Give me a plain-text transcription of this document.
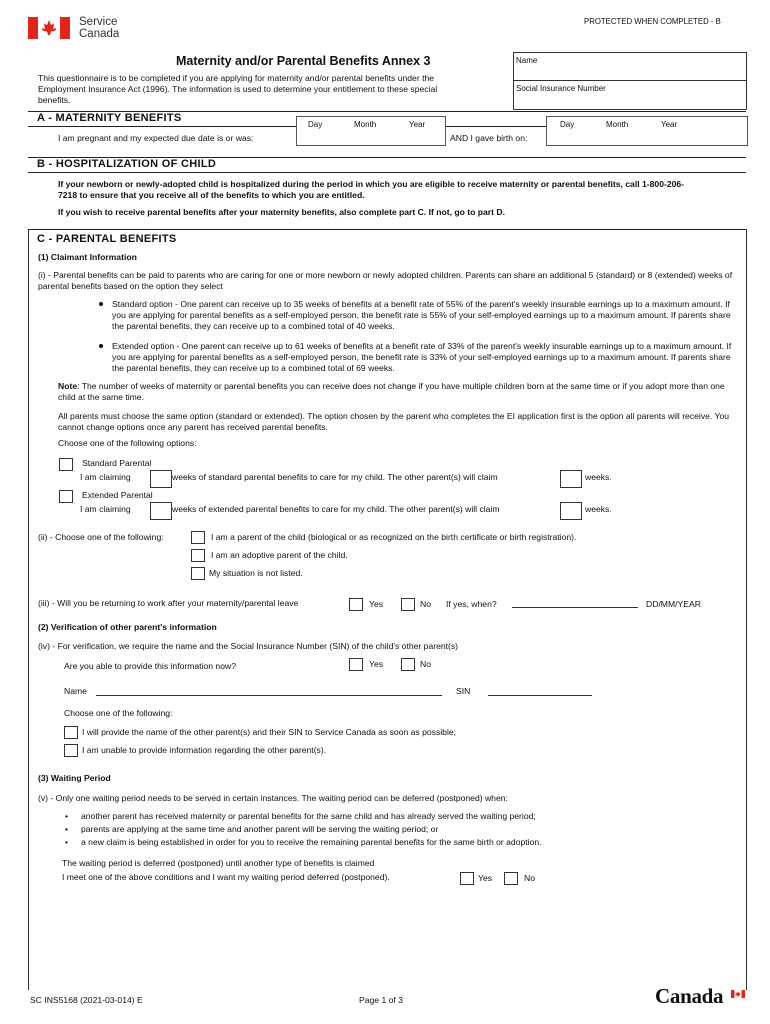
Service
Canada
PROTECTED WHEN COMPLETED - B
Maternity and/or Parental Benefits Annex 3
This questionnaire is to be completed if you are applying for maternity and/or parental benefits under the Employment Insurance Act (1996). The information is used to determine your entitlement to these special benefits.
Name
Social Insurance Number
A - MATERNITY BENEFITS
I am pregnant and my expected due date is or was:
Day	Month	Year
AND I gave birth on:
Day	Month	Year
B - HOSPITALIZATION OF CHILD
If your newborn or newly-adopted child is hospitalized during the period in which you are eligible to receive maternity or parental benefits, call 1-800-206-7218 to ensure that you receive all of the benefits to which you are entitled.
If you wish to receive parental benefits after your maternity benefits, also complete part C. If not, go to part D.
C - PARENTAL BENEFITS
(1) Claimant Information
(i) - Parental benefits can be paid to parents who are caring for one or more newborn or newly adopted children. Parents can share an additional 5 (standard) or 8 (extended) weeks of parental benefits based on the option they select
Standard option - One parent can receive up to 35 weeks of benefits at a benefit rate of 55% of the parent's weekly insurable earnings up to a maximum amount. If you are applying for parental benefits as a self-employed person, the benefit rate is 55% of your self-employed earnings up to a maximum amount. If parents share the parental benefits, they can receive up to a combined total of 40 weeks.
Extended option - One parent can receive up to 61 weeks of benefits at a benefit rate of 33% of the parent's weekly insurable earnings up to a maximum amount. If you are applying for parental benefits as a self-employed person, the benefit rate is 33% of your self-employed earnings up to a maximum amount. If parents share the parental benefits, they can receive up to a combined total of 69 weeks.
Note: The number of weeks of maternity or parental benefits you can receive does not change if you have multiple children born at the same time or if you adopt more than one child at the same time.
All parents must choose the same option (standard or extended). The option chosen by the parent who completes the EI application first is the option all parents will receive. You cannot change options once any parent has received parental benefits.
Choose one of the following options:
Standard Parental
I am claiming	weeks of standard parental benefits to care for my child. The other parent(s) will claim	weeks.
Extended Parental
I am claiming	weeks of extended parental benefits to care for my child. The other parent(s) will claim	weeks.
(ii) - Choose one of the following:	I am a parent of the child (biological or as recognized on the birth certificate or birth registration).
I am an adoptive parent of the child.
My situation is not listed.
(iii) - Will you be returning to work after your maternity/parental leave	Yes	No If yes, when?	DD/MM/YEAR
(2) Verification of other parent's information
(iv) - For verification, we require the name and the Social Insurance Number (SIN) of the child's other parent(s)
Are you able to provide this information now?	Yes	No
Name	SIN
Choose one of the following:
I will provide the name of the other parent(s) and their SIN to Service Canada as soon as possible;
I am unable to provide information regarding the other parent(s).
(3) Waiting Period
(v) - Only one waiting period needs to be served in certain instances. The waiting period can be deferred (postponed) when:
• another parent has received maternity or parental benefits for the same child and has already served the waiting period;
• parents are applying at the same time and another parent will be serving the waiting period; or
• a new claim is being established in order for you to receive the remaining parental benefits for the same birth or adoption.
The waiting period is deferred (postponed) until another type of benefits is claimed
I meet one of the above conditions and I want my waiting period deferred (postponed).	Yes	No
SC INS5168 (2021-03-014) E	Page 1 of 3	Canada
